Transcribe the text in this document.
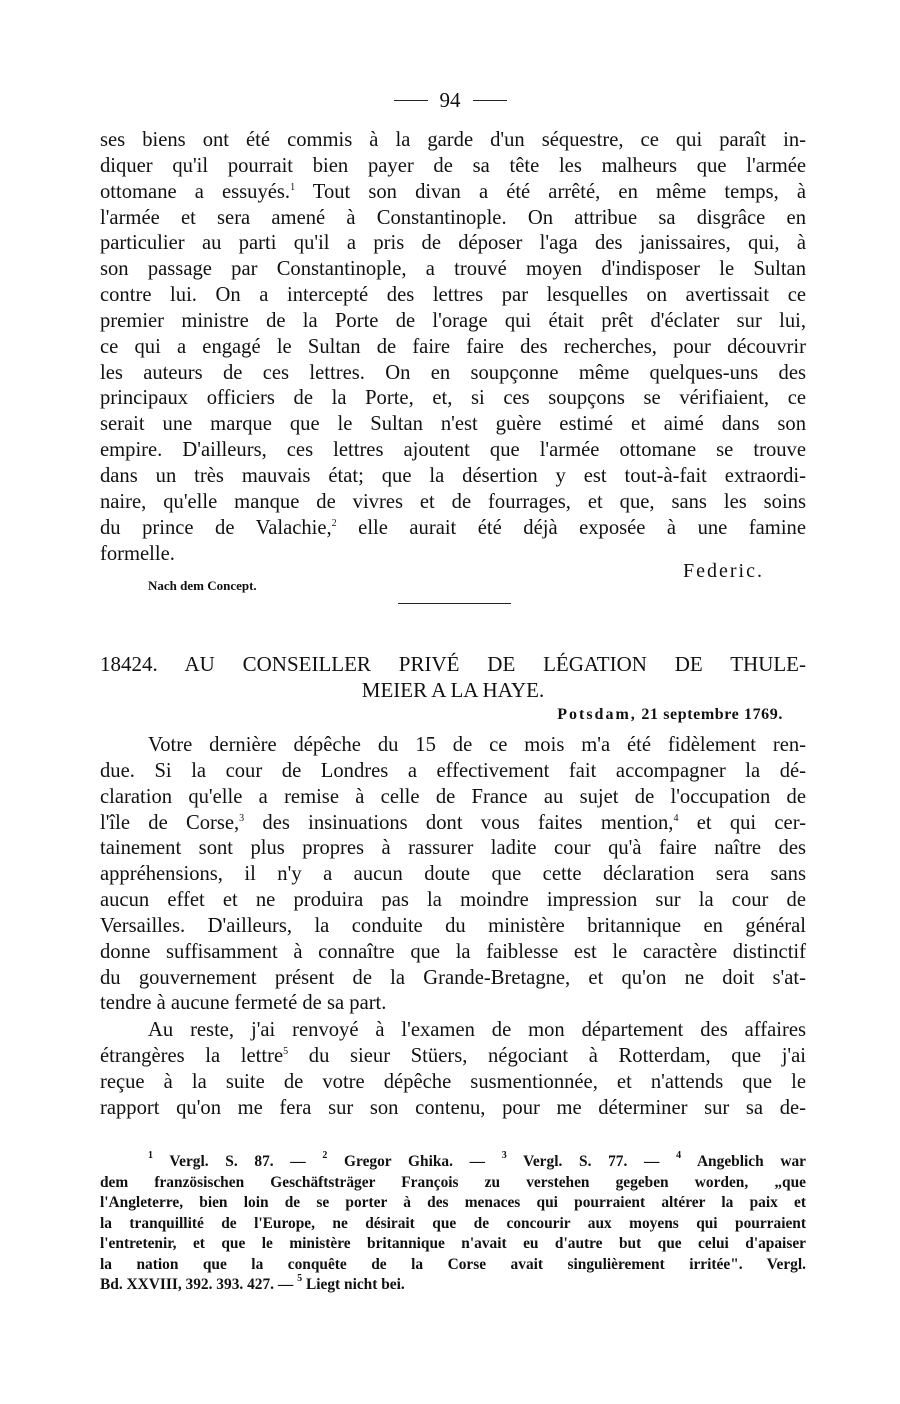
94
ses biens ont été commis à la garde d'un séquestre, ce qui paraît in-
diquer qu'il pourrait bien payer de sa tête les malheurs que l'armée
ottomane a essuyés.$^1$ Tout son divan a été arrêté, en même temps, à
l'armée et sera amené à Constantinople. On attribue sa disgrâce en
particulier au parti qu'il a pris de déposer l'aga des janissaires, qui, à
son passage par Constantinople, a trouvé moyen d'indisposer le Sultan
contre lui. On a intercepté des lettres par lesquelles on avertissait ce
premier ministre de la Porte de l'orage qui était prêt d'éclater sur lui,
ce qui a engagé le Sultan de faire faire des recherches, pour découvrir
les auteurs de ces lettres. On en soupçonne même quelques-uns des
principaux officiers de la Porte, et, si ces soupçons se vérifiaient, ce
serait une marque que le Sultan n'est guère estimé et aimé dans son
empire. D'ailleurs, ces lettres ajoutent que l'armée ottomane se trouve
dans un très mauvais état; que la désertion y est tout-à-fait extraordi-
naire, qu'elle manque de vivres et de fourrages, et que, sans les soins
du prince de Valachie,$^2$ elle aurait été déjà exposée à une famine
formelle.
Nach dem Concept.
Federic.
18424. AU CONSEILLER PRIVÉ DE LÉGATION DE THULE-
MEIER A LA HAYE.
Potsdam, 21 septembre 1769.
Votre dernière dépêche du 15 de ce mois m'a été fidèlement ren-
due. Si la cour de Londres a effectivement fait accompagner la dé-
claration qu'elle a remise à celle de France au sujet de l'occupation de
l'île de Corse,$^3$ des insinuations dont vous faites mention,$^4$ et qui cer-
tainement sont plus propres à rassurer ladite cour qu'à faire naître des
appréhensions, il n'y a aucun doute que cette déclaration sera sans
aucun effet et ne produira pas la moindre impression sur la cour de
Versailles. D'ailleurs, la conduite du ministère britannique en général
donne suffisamment à connaître que la faiblesse est le caractère distinctif
du gouvernement présent de la Grande-Bretagne, et qu'on ne doit s'at-
tendre à aucune fermeté de sa part.
Au reste, j'ai renvoyé à l'examen de mon département des affaires
étrangères la lettre$^5$ du sieur Stüers, négociant à Rotterdam, que j'ai
reçue à la suite de votre dépêche susmentionnée, et n'attends que le
rapport qu'on me fera sur son contenu, pour me déterminer sur sa de-
$^1$ Vergl. S. 87. — $^2$ Gregor Ghika. — $^3$ Vergl. S. 77. — $^4$ Angeblich war
dem französischen Geschäftsträger François zu verstehen gegeben worden, „que
l'Angleterre, bien loin de se porter à des menaces qui pourraient altérer la paix et
la tranquillité de l'Europe, ne désirait que de concourir aux moyens qui pourraient
l'entretenir, et que le ministère britannique n'avait eu d'autre but que celui d'apaiser
la nation que la conquête de la Corse avait singulièrement irritée". Vergl.
Bd. XXVIII, 392. 393. 427. — $^5$ Liegt nicht bei.
